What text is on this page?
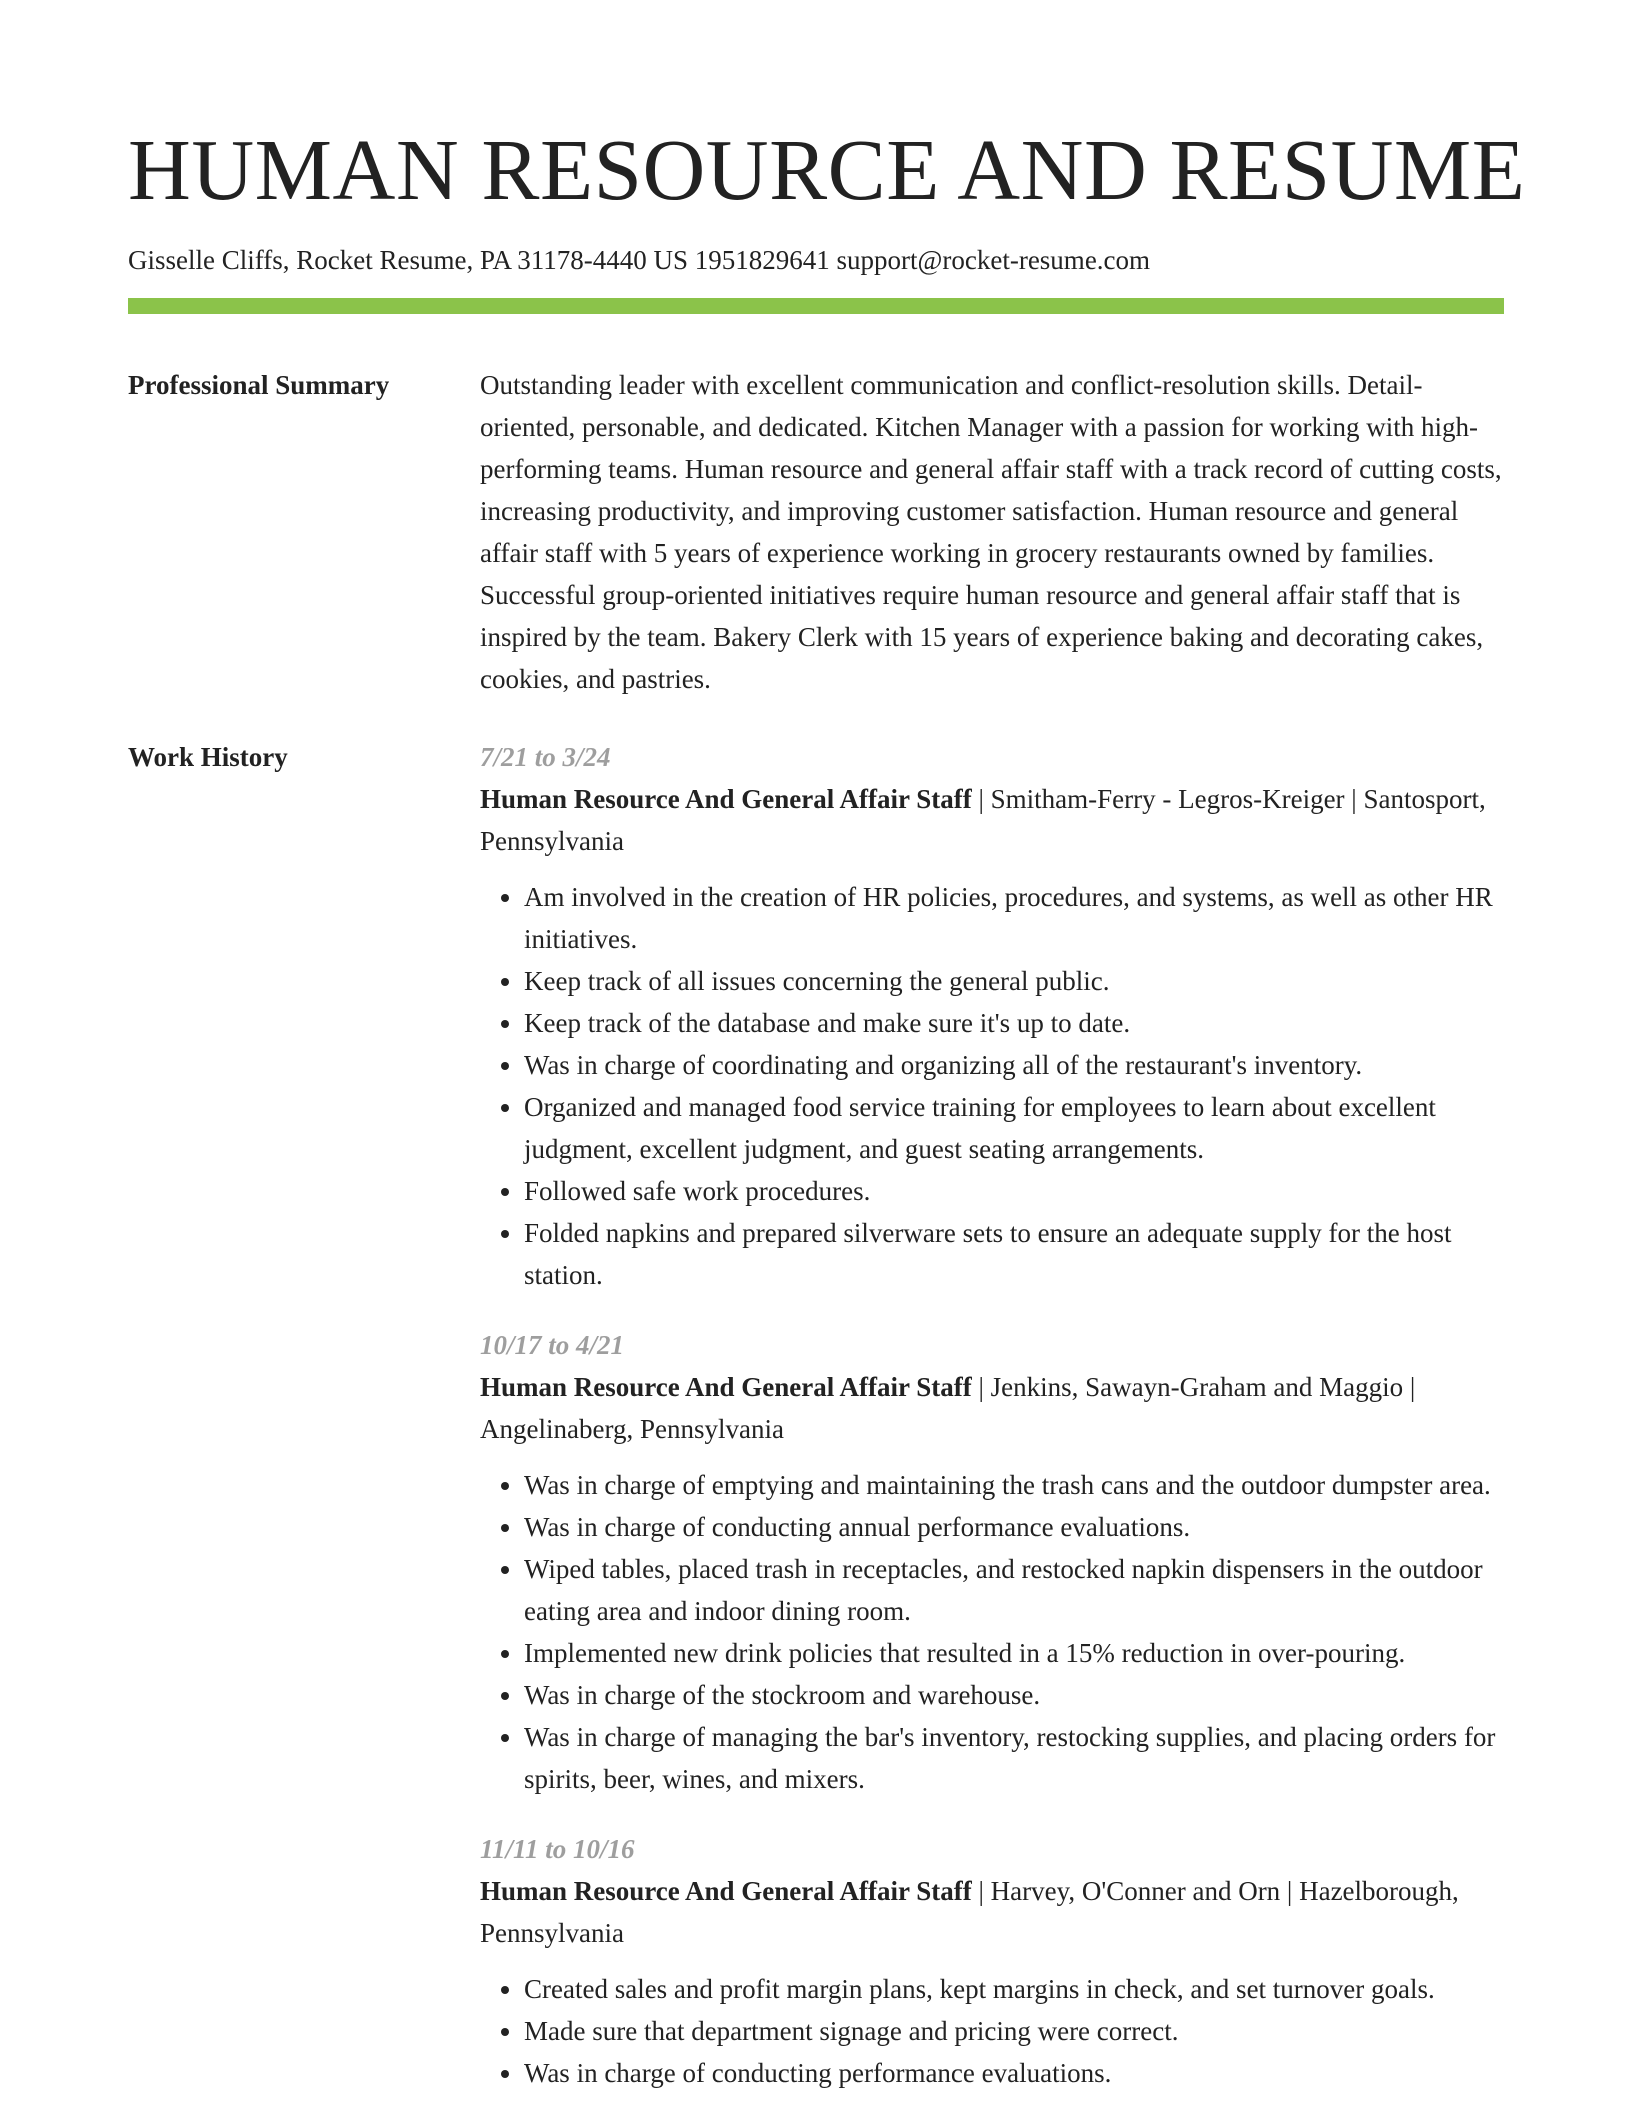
HUMAN RESOURCE AND RESUME
Gisselle Cliffs, Rocket Resume, PA 31178-4440 US 1951829641 support@rocket-resume.com
Professional Summary	Outstanding leader with excellent communication and conflict-resolution skills. Detail-oriented, personable, and dedicated. Kitchen Manager with a passion for working with high-performing teams. Human resource and general affair staff with a track record of cutting costs, increasing productivity, and improving customer satisfaction. Human resource and general affair staff with 5 years of experience working in grocery restaurants owned by families. Successful group-oriented initiatives require human resource and general affair staff that is inspired by the team. Bakery Clerk with 15 years of experience baking and decorating cakes, cookies, and pastries.

Work History	7/21 to 3/24
Human Resource And General Affair Staff | Smitham-Ferry - Legros-Kreiger | Santosport, Pennsylvania
• Am involved in the creation of HR policies, procedures, and systems, as well as other HR initiatives.
• Keep track of all issues concerning the general public.
• Keep track of the database and make sure it's up to date.
• Was in charge of coordinating and organizing all of the restaurant's inventory.
• Organized and managed food service training for employees to learn about excellent judgment, excellent judgment, and guest seating arrangements.
• Followed safe work procedures.
• Folded napkins and prepared silverware sets to ensure an adequate supply for the host station.
10/17 to 4/21
Human Resource And General Affair Staff | Jenkins, Sawayn-Graham and Maggio | Angelinaberg, Pennsylvania
• Was in charge of emptying and maintaining the trash cans and the outdoor dumpster area.
• Was in charge of conducting annual performance evaluations.
• Wiped tables, placed trash in receptacles, and restocked napkin dispensers in the outdoor eating area and indoor dining room.
• Implemented new drink policies that resulted in a 15% reduction in over-pouring.
• Was in charge of the stockroom and warehouse.
• Was in charge of managing the bar's inventory, restocking supplies, and placing orders for spirits, beer, wines, and mixers.
11/11 to 10/16
Human Resource And General Affair Staff | Harvey, O'Conner and Orn | Hazelborough, Pennsylvania
• Created sales and profit margin plans, kept margins in check, and set turnover goals.
• Made sure that department signage and pricing were correct.
• Was in charge of conducting performance evaluations.
